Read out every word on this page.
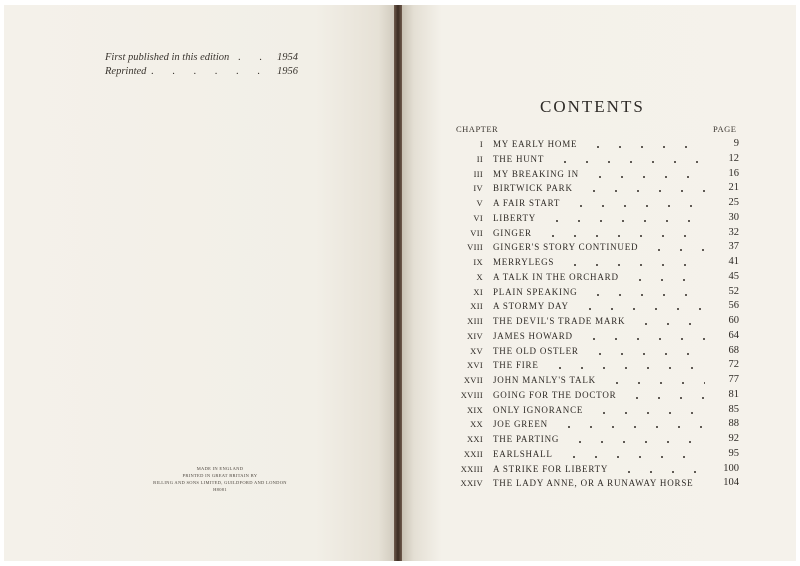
First published in this edition . . 1954
Reprinted . . . . . . 1956
MADE IN ENGLAND
PRINTED IN GREAT BRITAIN BY
BILLING AND SONS LIMITED, GUILDFORD AND LONDON
H8081
CONTENTS
CHAPTER	PAGE
I MY EARLY HOME	9
II THE HUNT	12
III MY BREAKING IN	16
IV BIRTWICK PARK	21
V A FAIR START	25
VI LIBERTY	30
VII GINGER	32
VIII GINGER'S STORY CONTINUED	37
IX MERRYLEGS	41
X A TALK IN THE ORCHARD	45
XI PLAIN SPEAKING	52
XII A STORMY DAY	56
XIII THE DEVIL'S TRADE MARK	60
XIV JAMES HOWARD	64
XV THE OLD OSTLER	68
XVI THE FIRE	72
XVII JOHN MANLY'S TALK	77
XVIII GOING FOR THE DOCTOR	81
XIX ONLY IGNORANCE	85
XX JOE GREEN	88
XXI THE PARTING	92
XXII EARLSHALL	95
XXIII A STRIKE FOR LIBERTY	100
XXIV THE LADY ANNE, OR A RUNAWAY HORSE	104
